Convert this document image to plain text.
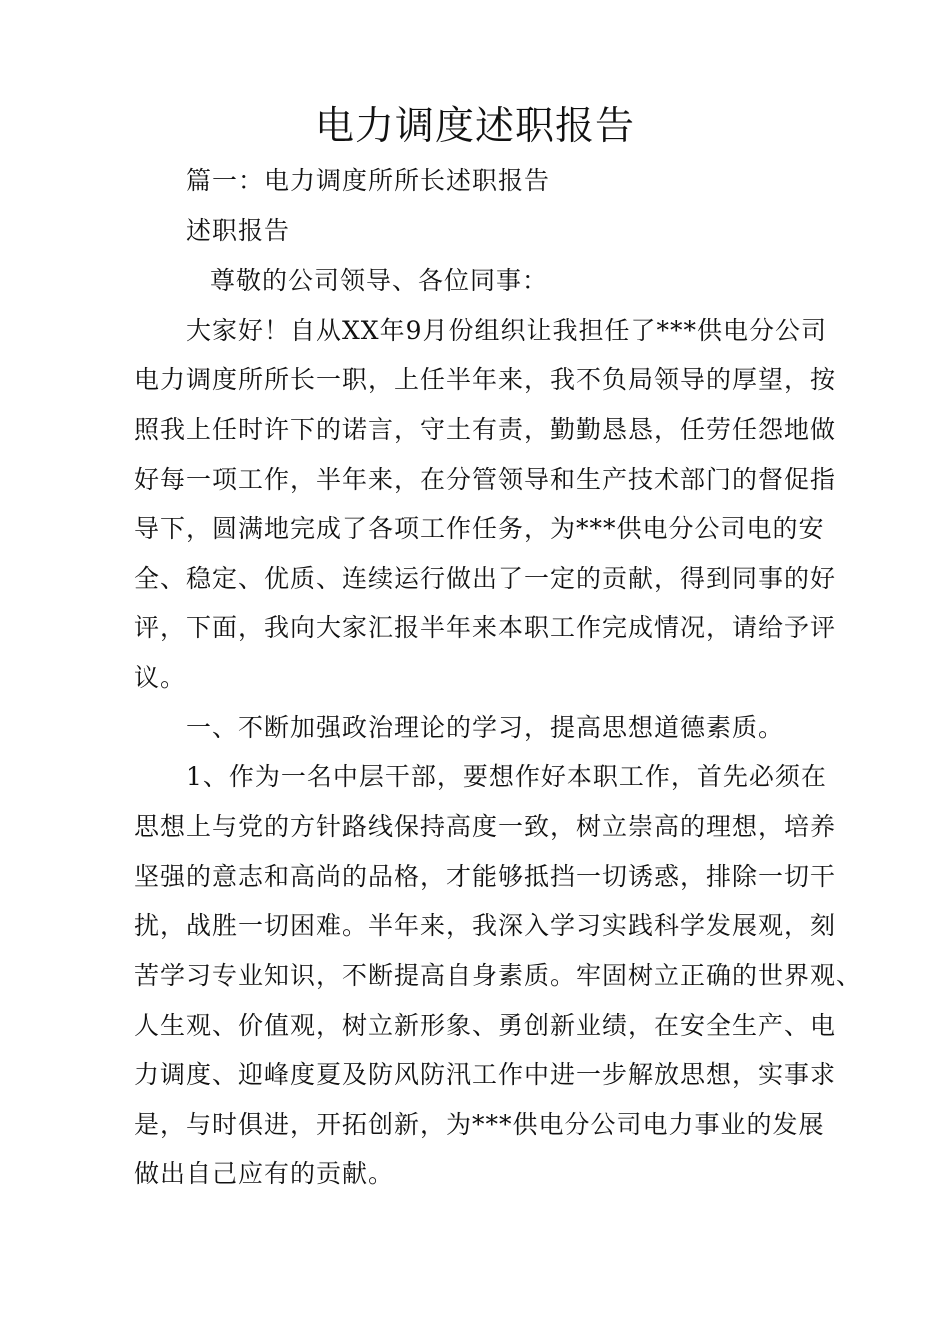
电力调度述职报告
篇一：电力调度所所长述职报告
述职报告
尊敬的公司领导、各位同事：
大家好！自从XX年9月份组织让我担任了***供电分公司
电力调度所所长一职，上任半年来，我不负局领导的厚望，按
照我上任时许下的诺言，守土有责，勤勤恳恳，任劳任怨地做
好每一项工作，半年来，在分管领导和生产技术部门的督促指
导下，圆满地完成了各项工作任务，为***供电分公司电的安
全、稳定、优质、连续运行做出了一定的贡献，得到同事的好
评，下面，我向大家汇报半年来本职工作完成情况，请给予评
议。
一、不断加强政治理论的学习，提高思想道德素质。
1、作为一名中层干部，要想作好本职工作，首先必须在
思想上与党的方针路线保持高度一致，树立崇高的理想，培养
坚强的意志和高尚的品格，才能够抵挡一切诱惑，排除一切干
扰，战胜一切困难。半年来，我深入学习实践科学发展观，刻
苦学习专业知识，不断提高自身素质。牢固树立正确的世界观、
人生观、价值观，树立新形象、勇创新业绩，在安全生产、电
力调度、迎峰度夏及防风防汛工作中进一步解放思想，实事求
是，与时俱进，开拓创新，为***供电分公司电力事业的发展
做出自己应有的贡献。
